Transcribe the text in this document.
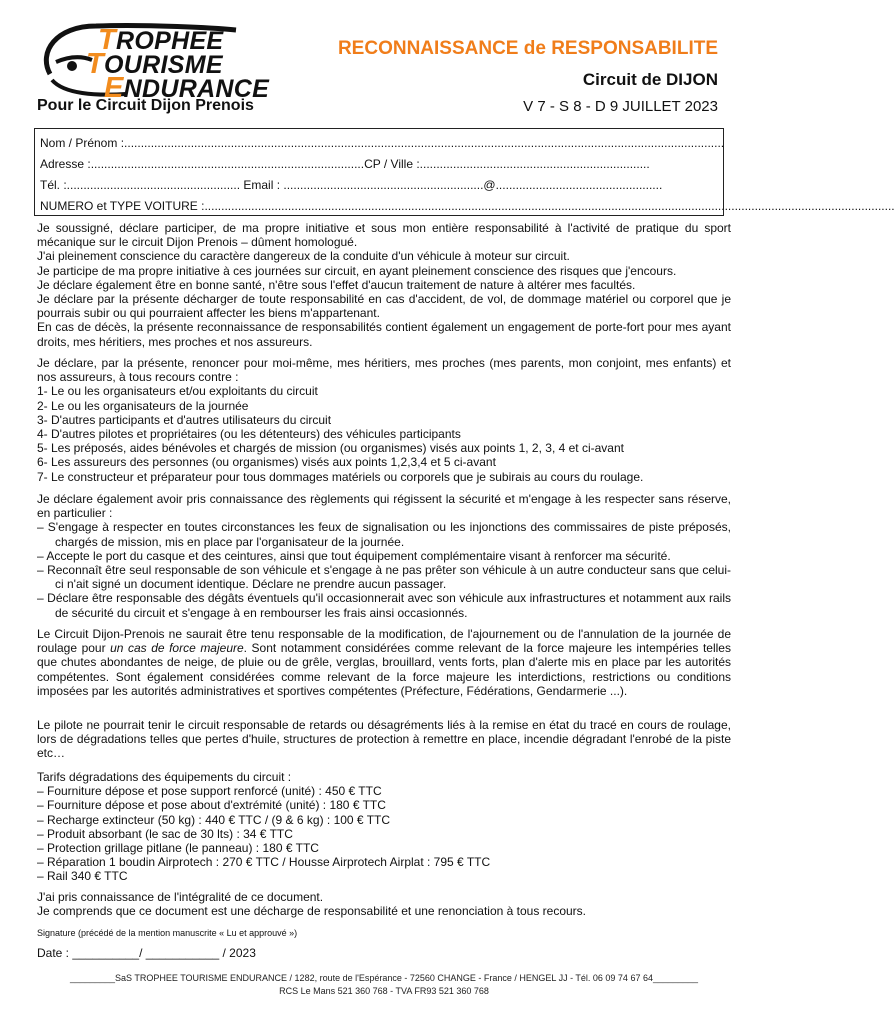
TROPHEE
TOURISME
ENDURANCE
RECONNAISSANCE de RESPONSABILITE
Circuit de DIJON
Pour le Circuit Dijon Prenois	V 7 - S 8 - D 9 JUILLET 2023
Nom / Prénom :....................................................................................................................................................................................
Adresse :..................................................................................CP / Ville :.....................................................................
Tél. :.................................................... Email : ............................................................@..................................................
NUMERO et TYPE VOITURE :...............................................................................................................................................................................................................

Je soussigné, déclare participer, de ma propre initiative et sous mon entière responsabilité à l'activité de pratique du sport mécanique sur le circuit Dijon Prenois – dûment homologué.

J'ai pleinement conscience du caractère dangereux de la conduite d'un véhicule à moteur sur circuit.

Je participe de ma propre initiative à ces journées sur circuit, en ayant pleinement conscience des risques que j'encours.

Je déclare également être en bonne santé, n'être sous l'effet d'aucun traitement de nature à altérer mes facultés.

Je déclare par la présente décharger de toute responsabilité en cas d'accident, de vol, de dommage matériel ou corporel que je pourrais subir ou qui pourraient affecter les biens m'appartenant.

En cas de décès, la présente reconnaissance de responsabilités contient également un engagement de porte-fort pour mes ayant droits, mes héritiers, mes proches et nos assureurs.

Je déclare, par la présente, renoncer pour moi-même, mes héritiers, mes proches (mes parents, mon conjoint, mes enfants) et nos assureurs, à tous recours contre :

1- Le ou les organisateurs et/ou exploitants du circuit

2- Le ou les organisateurs de la journée

3- D'autres participants et d'autres utilisateurs du circuit

4- D'autres pilotes et propriétaires (ou les détenteurs) des véhicules participants

5- Les préposés, aides bénévoles et chargés de mission (ou organismes) visés aux points 1, 2, 3, 4 et ci-avant

6- Les assureurs des personnes (ou organismes) visés aux points 1,2,3,4 et 5 ci-avant

7- Le constructeur et préparateur pour tous dommages matériels ou corporels que je subirais au cours du roulage.

Je déclare également avoir pris connaissance des règlements qui régissent la sécurité et m'engage à les respecter sans réserve, en particulier :

– S'engage à respecter en toutes circonstances les feux de signalisation ou les injonctions des commissaires de piste préposés, chargés de mission, mis en place par l'organisateur de la journée.

– Accepte le port du casque et des ceintures, ainsi que tout équipement complémentaire visant à renforcer ma sécurité.

– Reconnaît être seul responsable de son véhicule et s'engage à ne pas prêter son véhicule à un autre conducteur sans que celui-ci n'ait signé un document identique. Déclare ne prendre aucun passager.

– Déclare être responsable des dégâts éventuels qu'il occasionnerait avec son véhicule aux infrastructures et notamment aux rails de sécurité du circuit et s'engage à en rembourser les frais ainsi occasionnés.

Le Circuit Dijon-Prenois ne saurait être tenu responsable de la modification, de l'ajournement ou de l'annulation de la journée de roulage pour un cas de force majeure. Sont notamment considérées comme relevant de la force majeure les intempéries telles que chutes abondantes de neige, de pluie ou de grêle, verglas, brouillard, vents forts, plan d'alerte mis en place par les autorités compétentes. Sont également considérées comme relevant de la force majeure les interdictions, restrictions ou conditions imposées par les autorités administratives et sportives compétentes (Préfecture, Fédérations, Gendarmerie ...).

Le pilote ne pourrait tenir le circuit responsable de retards ou désagréments liés à la remise en état du tracé en cours de roulage, lors de dégradations telles que pertes d'huile, structures de protection à remettre en place, incendie dégradant l'enrobé de la piste etc…

Tarifs dégradations des équipements du circuit :

– Fourniture dépose et pose support renforcé (unité) : 450 € TTC

– Fourniture dépose et pose about d'extrémité (unité) : 180 € TTC

– Recharge extincteur (50 kg) : 440 € TTC / (9 & 6 kg) : 100 € TTC

– Produit absorbant (le sac de 30 lts) : 34 € TTC

– Protection grillage pitlane (le panneau) : 180 € TTC

– Réparation 1 boudin Airprotech : 270 € TTC / Housse Airprotech Airplat : 795 € TTC

– Rail 340 € TTC

J'ai pris connaissance de l'intégralité de ce document.

Je comprends que ce document est une décharge de responsabilité et une renonciation à tous recours.

Signature (précédé de la mention manuscrite « Lu et approuvé »)
Date : __________/ ___________ / 2023
_________SaS TROPHEE TOURISME ENDURANCE / 1282, route de l'Espérance - 72560 CHANGE - France / HENGEL JJ - Tél. 06 09 74 67 64_________
RCS Le Mans 521 360 768 - TVA FR93 521 360 768
